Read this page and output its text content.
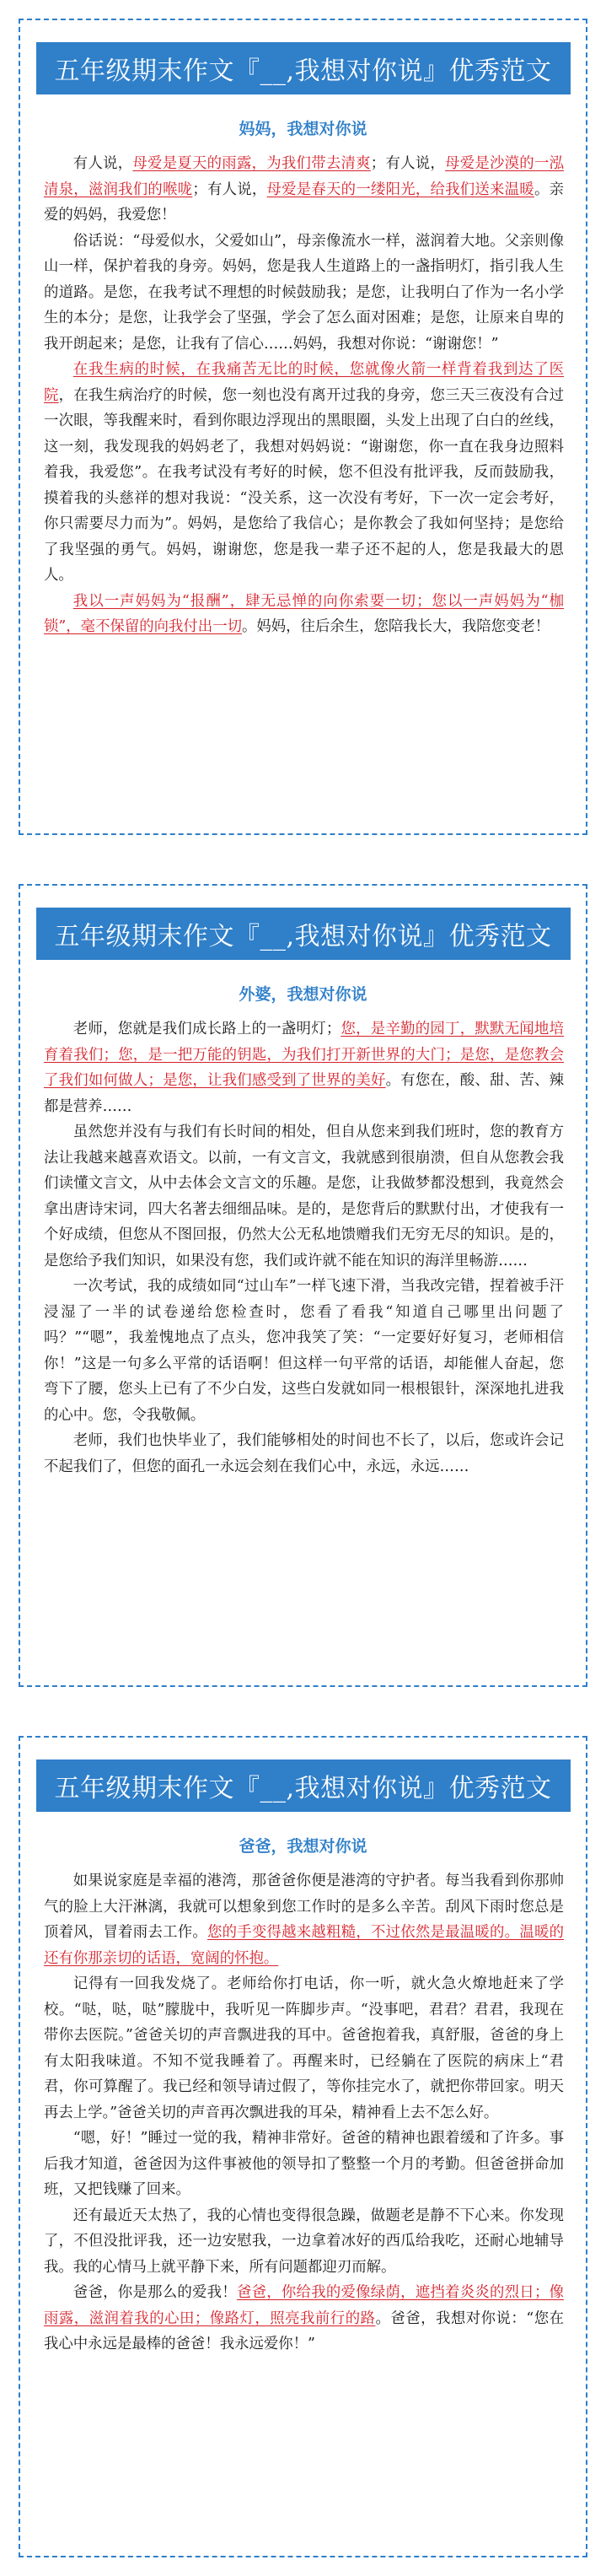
五年级期末作文『__,我想对你说』优秀范文
妈妈，我想对你说

有人说，母爱是夏天的雨露，为我们带去清爽；有人说，母爱是沙漠的一泓清泉，滋润我们的喉咙；有人说，母爱是春天的一缕阳光，给我们送来温暖。亲爱的妈妈，我爱您！

俗话说：“母爱似水，父爱如山”，母亲像流水一样，滋润着大地。父亲则像山一样，保护着我的身旁。妈妈，您是我人生道路上的一盏指明灯，指引我人生的道路。是您，在我考试不理想的时候鼓励我；是您，让我明白了作为一名小学生的本分；是您，让我学会了坚强，学会了怎么面对困难；是您，让原来自卑的我开朗起来；是您，让我有了信心……妈妈，我想对你说：“谢谢您！”

在我生病的时候，在我痛苦无比的时候，您就像火箭一样背着我到达了医院，在我生病治疗的时候，您一刻也没有离开过我的身旁，您三天三夜没有合过一次眼，等我醒来时，看到你眼边浮现出的黑眼圈，头发上出现了白白的丝线，这一刻，我发现我的妈妈老了，我想对妈妈说：“谢谢您，你一直在我身边照料着我，我爱您”。在我考试没有考好的时候，您不但没有批评我，反而鼓励我，摸着我的头慈祥的想对我说：“没关系，这一次没有考好，下一次一定会考好，你只需要尽力而为”。妈妈，是您给了我信心；是你教会了我如何坚持；是您给了我坚强的勇气。妈妈，谢谢您，您是我一辈子还不起的人，您是我最大的恩人。

我以一声妈妈为“报酬”，肆无忌惮的向你索要一切；您以一声妈妈为“枷锁”，毫不保留的向我付出一切。妈妈，往后余生，您陪我长大，我陪您变老！

五年级期末作文『__,我想对你说』优秀范文
外婆，我想对你说

老师，您就是我们成长路上的一盏明灯；您，是辛勤的园丁，默默无闻地培育着我们；您，是一把万能的钥匙，为我们打开新世界的大门；是您，是您教会了我们如何做人；是您，让我们感受到了世界的美好。有您在，酸、甜、苦、辣都是营养……

虽然您并没有与我们有长时间的相处，但自从您来到我们班时，您的教育方法让我越来越喜欢语文。以前，一有文言文，我就感到很崩溃，但自从您教会我们读懂文言文，从中去体会文言文的乐趣。是您，让我做梦都没想到，我竟然会拿出唐诗宋词，四大名著去细细品味。是的，是您背后的默默付出，才使我有一个好成绩，但您从不图回报，仍然大公无私地馈赠我们无穷无尽的知识。是的，是您给予我们知识，如果没有您，我们或许就不能在知识的海洋里畅游……

一次考试，我的成绩如同“过山车”一样飞速下滑，当我改完错，捏着被手汗浸湿了一半的试卷递给您检查时，您看了看我“知道自己哪里出问题了吗？”“嗯”，我羞愧地点了点头，您冲我笑了笑：“一定要好好复习，老师相信你！”这是一句多么平常的话语啊！但这样一句平常的话语，却能催人奋起，您弯下了腰，您头上已有了不少白发，这些白发就如同一根根银针，深深地扎进我的心中。您，令我敬佩。

老师，我们也快毕业了，我们能够相处的时间也不长了，以后，您或许会记不起我们了，但您的面孔一永远会刻在我们心中，永远，永远……

五年级期末作文『__,我想对你说』优秀范文
爸爸，我想对你说

如果说家庭是幸福的港湾，那爸爸你便是港湾的守护者。每当我看到你那帅气的脸上大汗淋漓，我就可以想象到您工作时的是多么辛苦。刮风下雨时您总是顶着风，冒着雨去工作。您的手变得越来越粗糙，不过依然是最温暖的。温暖的还有你那亲切的话语，宽阔的怀抱。

记得有一回我发烧了。老师给你打电话，你一听，就火急火燎地赶来了学校。“哒，哒，哒”朦胧中，我听见一阵脚步声。“没事吧，君君？君君，我现在带你去医院。”爸爸关切的声音飘进我的耳中。爸爸抱着我，真舒服，爸爸的身上有太阳我味道。不知不觉我睡着了。再醒来时，已经躺在了医院的病床上“君君，你可算醒了。我已经和领导请过假了，等你挂完水了，就把你带回家。明天再去上学。”爸爸关切的声音再次飘进我的耳朵，精神看上去不怎么好。

“嗯，好！”睡过一觉的我，精神非常好。爸爸的精神也跟着缓和了许多。事后我才知道，爸爸因为这件事被他的领导扣了整整一个月的考勤。但爸爸拼命加班，又把钱赚了回来。

还有最近天太热了，我的心情也变得很急躁，做题老是静不下心来。你发现了，不但没批评我，还一边安慰我，一边拿着冰好的西瓜给我吃，还耐心地辅导我。我的心情马上就平静下来，所有问题都迎刃而解。

爸爸，你是那么的爱我！爸爸，你给我的爱像绿荫，遮挡着炎炎的烈日；像雨露，滋润着我的心田；像路灯，照亮我前行的路。爸爸，我想对你说：“您在我心中永远是最棒的爸爸！我永远爱你！”
